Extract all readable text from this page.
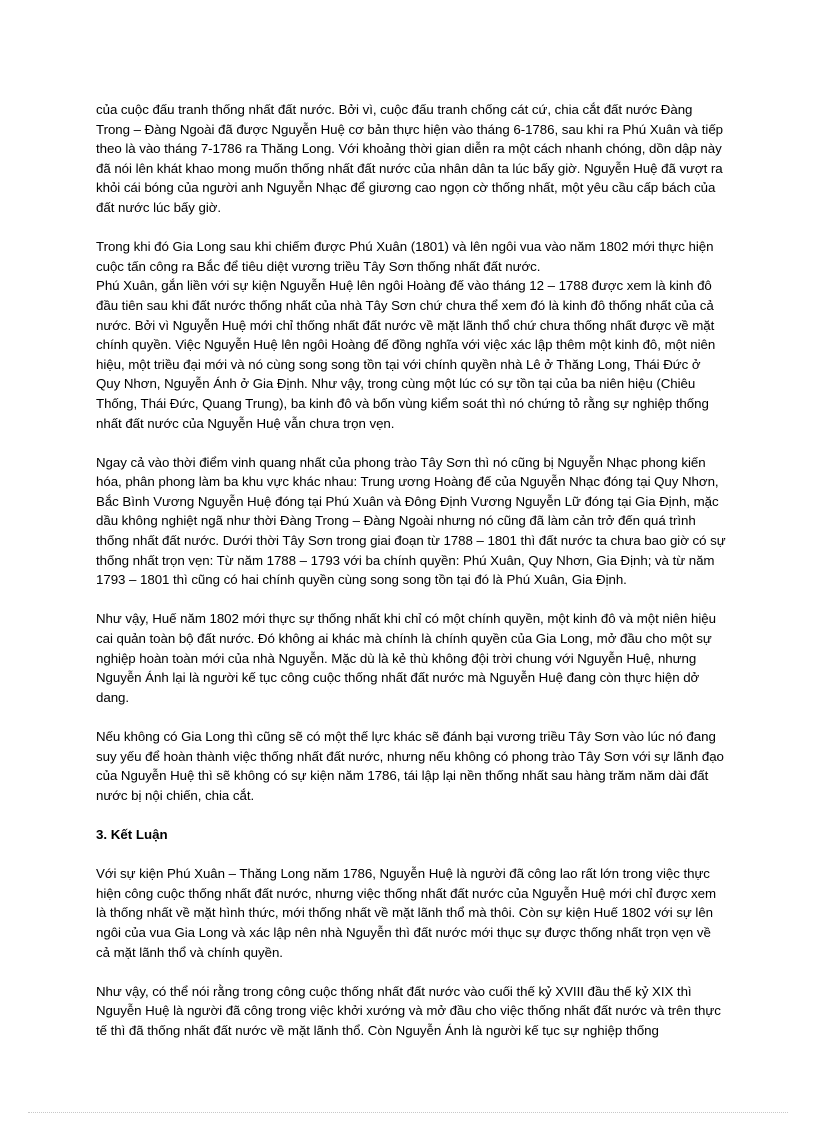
của cuộc đấu tranh thống nhất đất nước. Bởi vì, cuộc đấu tranh chống cát cứ, chia cắt đất nước Đàng Trong – Đàng Ngoài đã được Nguyễn Huệ cơ bản thực hiện vào tháng 6-1786, sau khi ra Phú Xuân và tiếp theo là vào tháng 7-1786 ra Thăng Long. Với khoảng thời gian diễn ra một cách nhanh chóng, dồn dập này đã nói lên khát khao mong muốn thống nhất đất nước của nhân dân ta lúc bấy giờ. Nguyễn Huệ đã vượt ra khỏi cái bóng của người anh Nguyễn Nhạc để giương cao ngọn cờ thống nhất, một yêu cầu cấp bách của đất nước lúc bấy giờ.

Trong khi đó Gia Long sau khi chiếm được Phú Xuân (1801) và lên ngôi vua vào năm 1802 mới thực hiện cuộc tấn công ra Bắc để tiêu diệt vương triều Tây Sơn thống nhất đất nước.

Phú Xuân, gắn liền với sự kiện Nguyễn Huệ lên ngôi Hoàng đế vào tháng 12 – 1788 được xem là kinh đô đầu tiên sau khi đất nước thống nhất của nhà Tây Sơn chứ chưa thể xem đó là kinh đô thống nhất của cả nước. Bởi vì Nguyễn Huệ mới chỉ thống nhất đất nước về mặt lãnh thổ chứ chưa thống nhất được về mặt chính quyền. Việc Nguyễn Huệ lên ngôi Hoàng đế đồng nghĩa với việc xác lập thêm một kinh đô, một niên hiệu, một triều đại mới và nó cùng song song tồn tại với chính quyền nhà Lê ở Thăng Long, Thái Đức ở Quy Nhơn, Nguyễn Ánh ở Gia Định. Như vậy, trong cùng một lúc có sự tồn tại của ba niên hiệu (Chiêu Thống, Thái Đức, Quang Trung), ba kinh đô và bốn vùng kiểm soát thì nó chứng tỏ rằng sự nghiệp thống nhất đất nước của Nguyễn Huệ vẫn chưa trọn vẹn.

Ngay cả vào thời điểm vinh quang nhất của phong trào Tây Sơn thì nó cũng bị Nguyễn Nhạc phong kiến hóa, phân phong làm ba khu vực khác nhau: Trung ương Hoàng đế của Nguyễn Nhạc đóng tại Quy Nhơn, Bắc Bình Vương Nguyễn Huệ đóng tại Phú Xuân và Đông Định Vương Nguyễn Lữ đóng tại Gia Định, mặc dầu không nghiệt ngã như thời Đàng Trong – Đàng Ngoài nhưng nó cũng đã làm cản trở đến quá trình thống nhất đất nước. Dưới thời Tây Sơn trong giai đoạn từ 1788 – 1801 thì đất nước ta chưa bao giờ có sự thống nhất trọn vẹn: Từ năm 1788 – 1793 với ba chính quyền: Phú Xuân, Quy Nhơn, Gia Định; và từ năm 1793 – 1801 thì cũng có hai chính quyền cùng song song tồn tại đó là Phú Xuân, Gia Định.

Như vậy, Huế năm 1802 mới thực sự thống nhất khi chỉ có một chính quyền, một kinh đô và một niên hiệu cai quản toàn bộ đất nước. Đó không ai khác mà chính là chính quyền của Gia Long, mở đầu cho một sự nghiệp hoàn toàn mới của nhà Nguyễn. Mặc dù là kẻ thù không đội trời chung với Nguyễn Huệ, nhưng Nguyễn Ánh lại là người kế tục công cuộc thống nhất đất nước mà Nguyễn Huệ đang còn thực hiện dở dang.

Nếu không có Gia Long thì cũng sẽ có một thế lực khác sẽ đánh bại vương triều Tây Sơn vào lúc nó đang suy yếu để hoàn thành việc thống nhất đất nước, nhưng nếu không có phong trào Tây Sơn với sự lãnh đạo của Nguyễn Huệ thì sẽ không có sự kiện năm 1786, tái lập lại nền thống nhất sau hàng trăm năm dài đất nước bị nội chiến, chia cắt.

3. Kết Luận

Với sự kiện Phú Xuân – Thăng Long năm 1786, Nguyễn Huệ là người đã công lao rất lớn trong việc thực hiện công cuộc thống nhất đất nước, nhưng việc thống nhất đất nước của Nguyễn Huệ mới chỉ được xem là thống nhất về mặt hình thức, mới thống nhất về mặt lãnh thổ mà thôi. Còn sự kiện Huế 1802 với sự lên ngôi của vua Gia Long và xác lập nên nhà Nguyễn thì đất nước mới thục sự được thống nhất trọn vẹn về cả mặt lãnh thổ và chính quyền.

Như vậy, có thể nói rằng trong công cuộc thống nhất đất nước vào cuối thế kỷ XVIII đầu thế kỷ XIX thì Nguyễn Huệ là người đã công trong việc khởi xướng và mở đầu cho việc thống nhất đất nước và trên thực tế thì đã thống nhất đất nước về mặt lãnh thổ. Còn Nguyễn Ánh là người kế tục sự nghiệp thống
